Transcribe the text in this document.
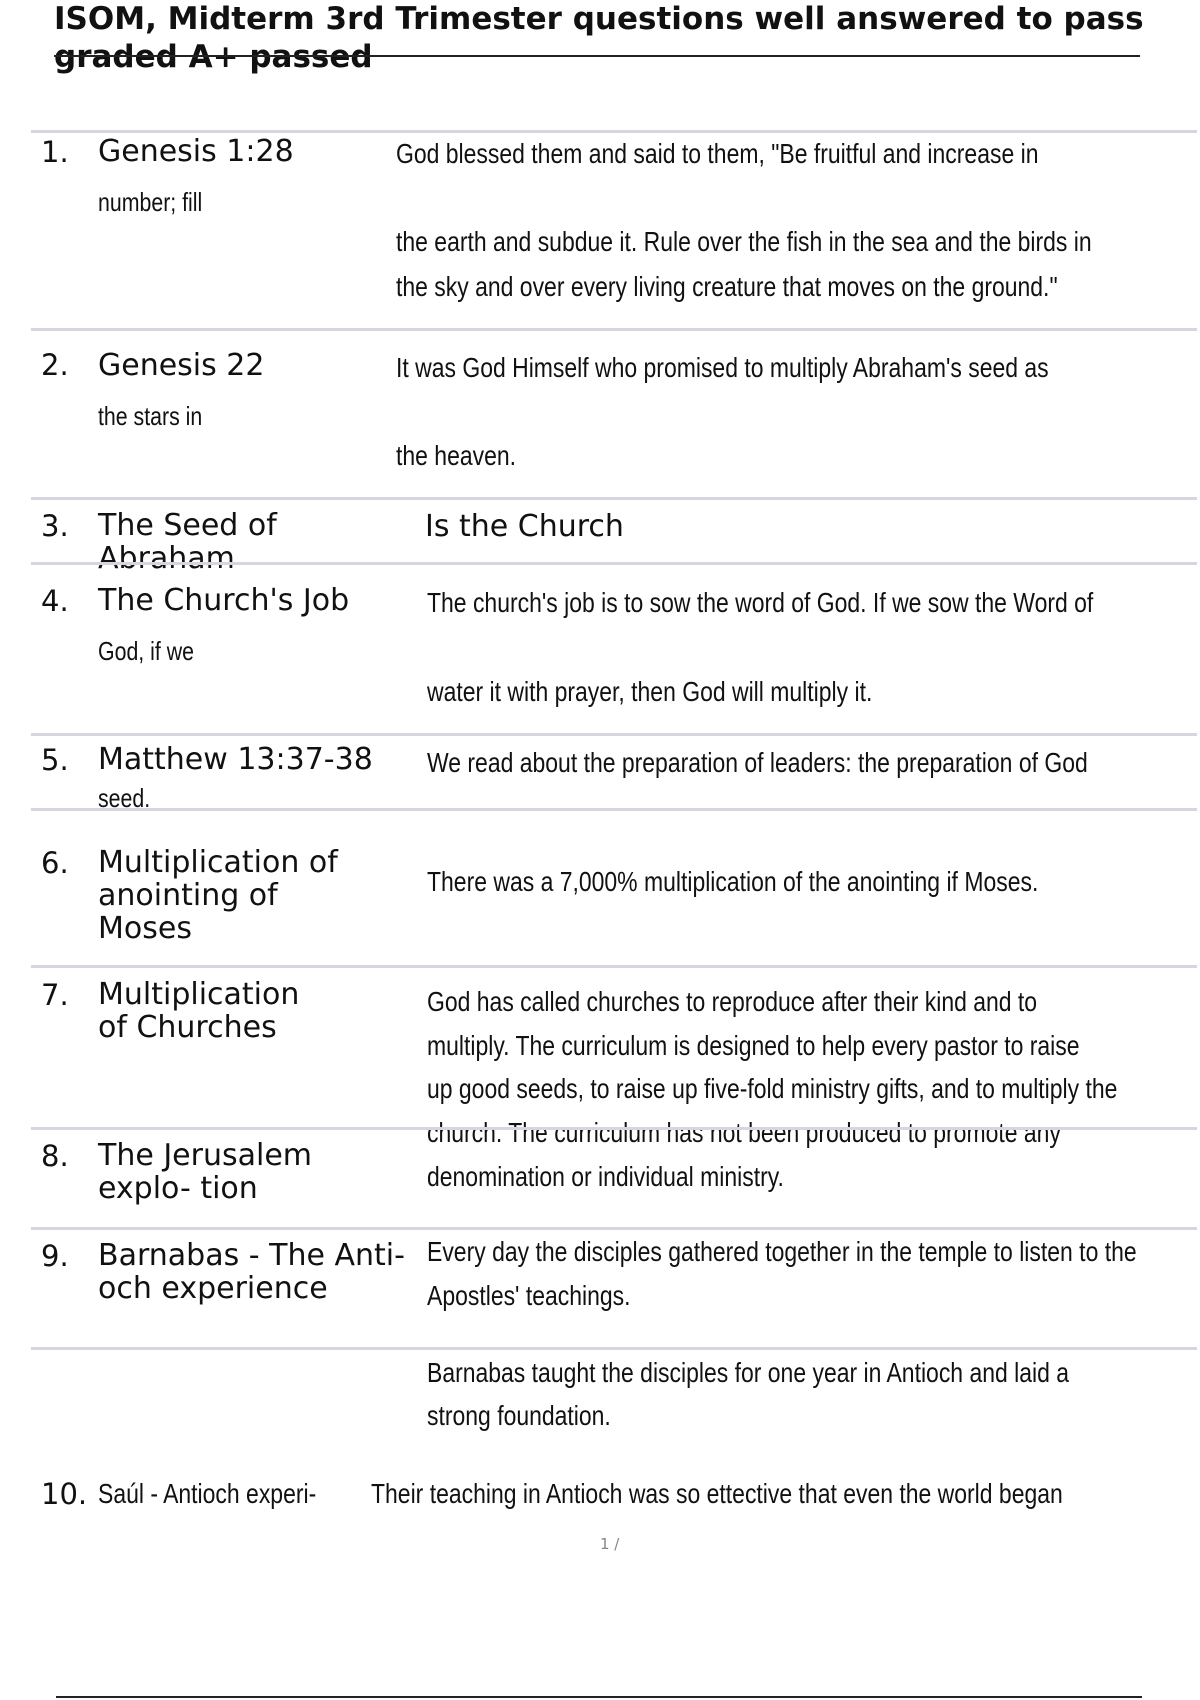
ISOM, Midterm 3rd Trimester questions well answered to pass graded A+ passed
1. Genesis 1:28
number; fill
God blessed them and said to them, "Be fruitful and increase in
the earth and subdue it. Rule over the fish in the sea and the birds in
the sky and over every living creature that moves on the ground."
2. Genesis 22
the stars in
It was God Himself who promised to multiply Abraham's seed as
the heaven.
3. The Seed of Abraham
Is the Church
4. The Church's Job
God, if we
The church's job is to sow the word of God. If we sow the Word of
water it with prayer, then God will multiply it.
5. Matthew 13:37-38
seed.
We read about the preparation of leaders: the preparation of God
6. Multiplication of
anointing of
Moses
There was a 7,000% multiplication of the anointing if Moses.
7. Multiplication
of Churches
God has called churches to reproduce after their kind and to
multiply. The curriculum is designed to help every pastor to raise
up good seeds, to raise up five-fold ministry gifts, and to multiply the
church. The curriculum has not been produced to promote any
denomination or individual ministry.
8. The Jerusalem
explo- tion
9. Barnabas - The Anti-
och experience
Every day the disciples gathered together in the temple to listen to the
Apostles' teachings.
Barnabas taught the disciples for one year in Antioch and laid a
strong foundation.
10. Saúl - Antioch experi-	Their teaching in Antioch was so ettective that even the world began
1 /
